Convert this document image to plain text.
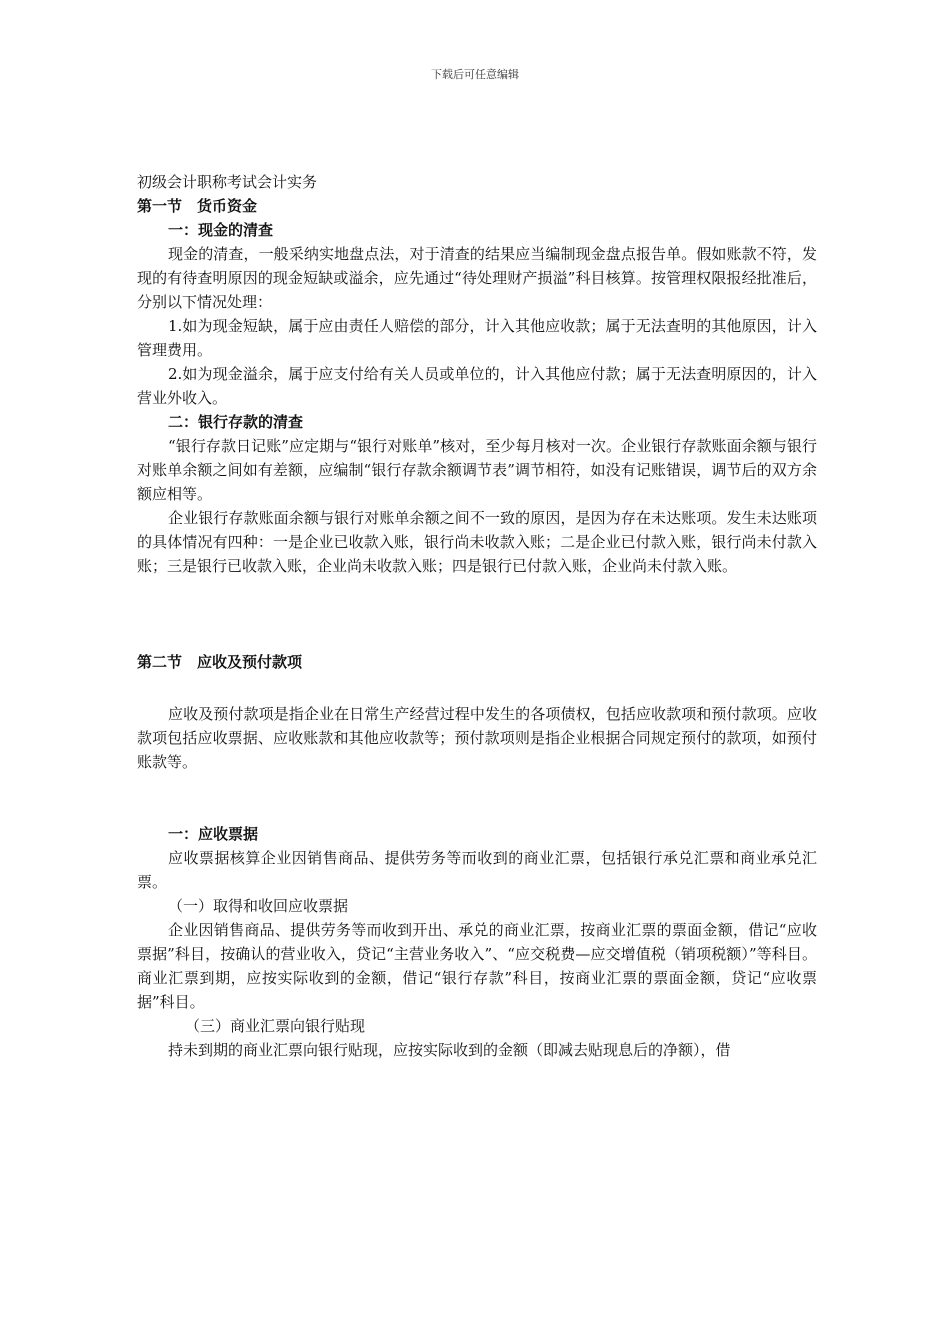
下载后可任意编辑

初级会计职称考试会计实务

第一节　货币资金

一：现金的清查

现金的清查，一般采纳实地盘点法，对于清查的结果应当编制现金盘点报告单。假如账款不符，发现的有待查明原因的现金短缺或溢余，应先通过“待处理财产损溢”科目核算。按管理权限报经批准后，分别以下情况处理：

1.如为现金短缺，属于应由责任人赔偿的部分，计入其他应收款；属于无法查明的其他原因，计入管理费用。

2.如为现金溢余，属于应支付给有关人员或单位的，计入其他应付款；属于无法查明原因的，计入营业外收入。

二：银行存款的清查

“银行存款日记账”应定期与“银行对账单”核对，至少每月核对一次。企业银行存款账面余额与银行对账单余额之间如有差额，应编制“银行存款余额调节表”调节相符，如没有记账错误，调节后的双方余额应相等。

企业银行存款账面余额与银行对账单余额之间不一致的原因，是因为存在未达账项。发生未达账项的具体情况有四种：一是企业已收款入账，银行尚未收款入账；二是企业已付款入账，银行尚未付款入账；三是银行已收款入账，企业尚未收款入账；四是银行已付款入账，企业尚未付款入账。

第二节　应收及预付款项

应收及预付款项是指企业在日常生产经营过程中发生的各项债权，包括应收款项和预付款项。应收款项包括应收票据、应收账款和其他应收款等；预付款项则是指企业根据合同规定预付的款项，如预付账款等。

一：应收票据

应收票据核算企业因销售商品、提供劳务等而收到的商业汇票，包括银行承兑汇票和商业承兑汇票。

（一）取得和收回应收票据

企业因销售商品、提供劳务等而收到开出、承兑的商业汇票，按商业汇票的票面金额，借记“应收票据”科目，按确认的营业收入，贷记“主营业务收入”、“应交税费—应交增值税（销项税额）”等科目。商业汇票到期，应按实际收到的金额，借记“银行存款”科目，按商业汇票的票面金额，贷记“应收票据”科目。

（三）商业汇票向银行贴现

持未到期的商业汇票向银行贴现，应按实际收到的金额（即减去贴现息后的净额），借
